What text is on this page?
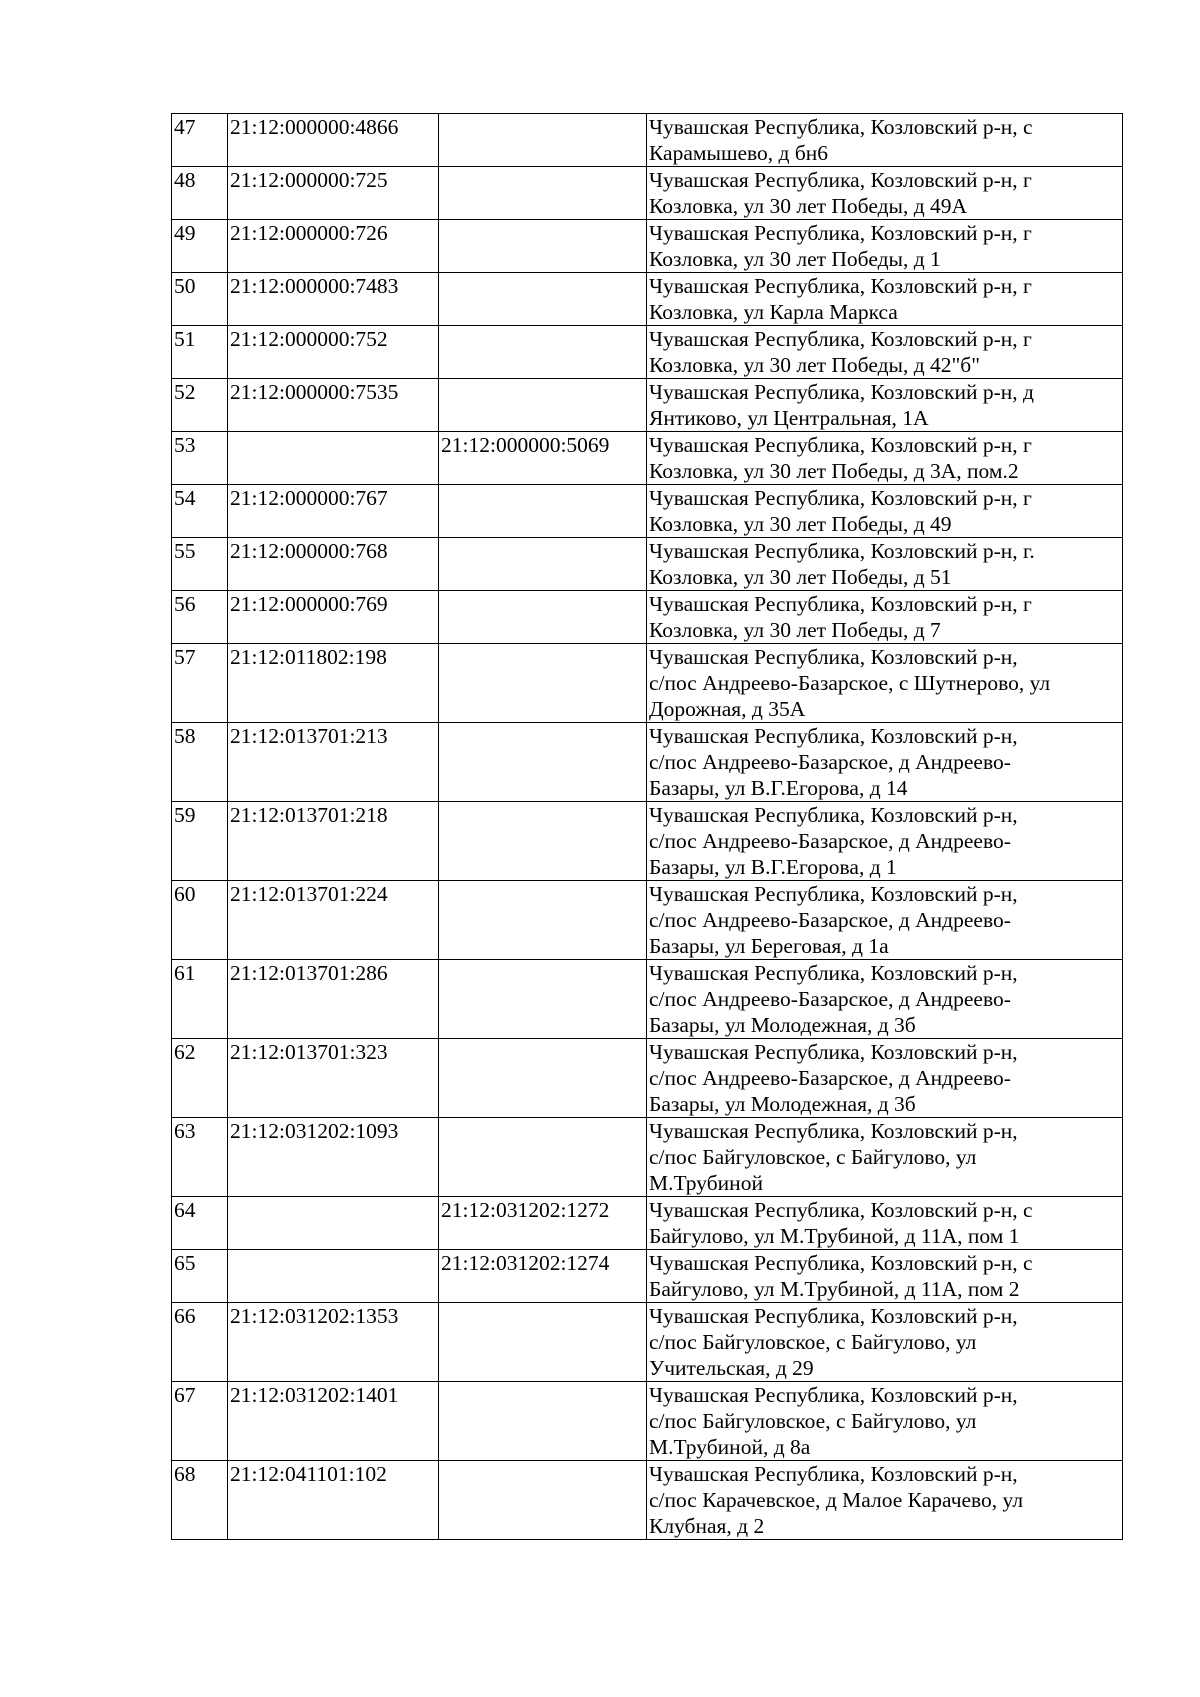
47	21:12:000000:4866		Чувашская Республика, Козловский р-н, с
Карамышево, д бн6
48	21:12:000000:725		Чувашская Республика, Козловский р-н, г
Козловка, ул 30 лет Победы, д 49А
49	21:12:000000:726		Чувашская Республика, Козловский р-н, г
Козловка, ул 30 лет Победы, д 1
50	21:12:000000:7483		Чувашская Республика, Козловский р-н, г
Козловка, ул Карла Маркса
51	21:12:000000:752		Чувашская Республика, Козловский р-н, г
Козловка, ул 30 лет Победы, д 42"б"
52	21:12:000000:7535		Чувашская Республика, Козловский р-н, д
Янтиково, ул Центральная, 1А
53		21:12:000000:5069	Чувашская Республика, Козловский р-н, г
Козловка, ул 30 лет Победы, д 3А, пом.2
54	21:12:000000:767		Чувашская Республика, Козловский р-н, г
Козловка, ул 30 лет Победы, д 49
55	21:12:000000:768		Чувашская Республика, Козловский р-н, г.
Козловка, ул 30 лет Победы, д 51
56	21:12:000000:769		Чувашская Республика, Козловский р-н, г
Козловка, ул 30 лет Победы, д 7
57	21:12:011802:198		Чувашская Республика, Козловский р-н,
с/пос Андреево-Базарское, с Шутнерово, ул
Дорожная, д 35А
58	21:12:013701:213		Чувашская Республика, Козловский р-н,
с/пос Андреево-Базарское, д Андреево-
Базары, ул В.Г.Егорова, д 14
59	21:12:013701:218		Чувашская Республика, Козловский р-н,
с/пос Андреево-Базарское, д Андреево-
Базары, ул В.Г.Егорова, д 1
60	21:12:013701:224		Чувашская Республика, Козловский р-н,
с/пос Андреево-Базарское, д Андреево-
Базары, ул Береговая, д 1а
61	21:12:013701:286		Чувашская Республика, Козловский р-н,
с/пос Андреево-Базарское, д Андреево-
Базары, ул Молодежная, д 3б
62	21:12:013701:323		Чувашская Республика, Козловский р-н,
с/пос Андреево-Базарское, д Андреево-
Базары, ул Молодежная, д 3б
63	21:12:031202:1093		Чувашская Республика, Козловский р-н,
с/пос Байгуловское, с Байгулово, ул
М.Трубиной
64		21:12:031202:1272	Чувашская Республика, Козловский р-н, с
Байгулово, ул М.Трубиной, д 11А, пом 1
65		21:12:031202:1274	Чувашская Республика, Козловский р-н, с
Байгулово, ул М.Трубиной, д 11А, пом 2
66	21:12:031202:1353		Чувашская Республика, Козловский р-н,
с/пос Байгуловское, с Байгулово, ул
Учительская, д 29
67	21:12:031202:1401		Чувашская Республика, Козловский р-н,
с/пос Байгуловское, с Байгулово, ул
М.Трубиной, д 8а
68	21:12:041101:102		Чувашская Республика, Козловский р-н,
с/пос Карачевское, д Малое Карачево, ул
Клубная, д 2
